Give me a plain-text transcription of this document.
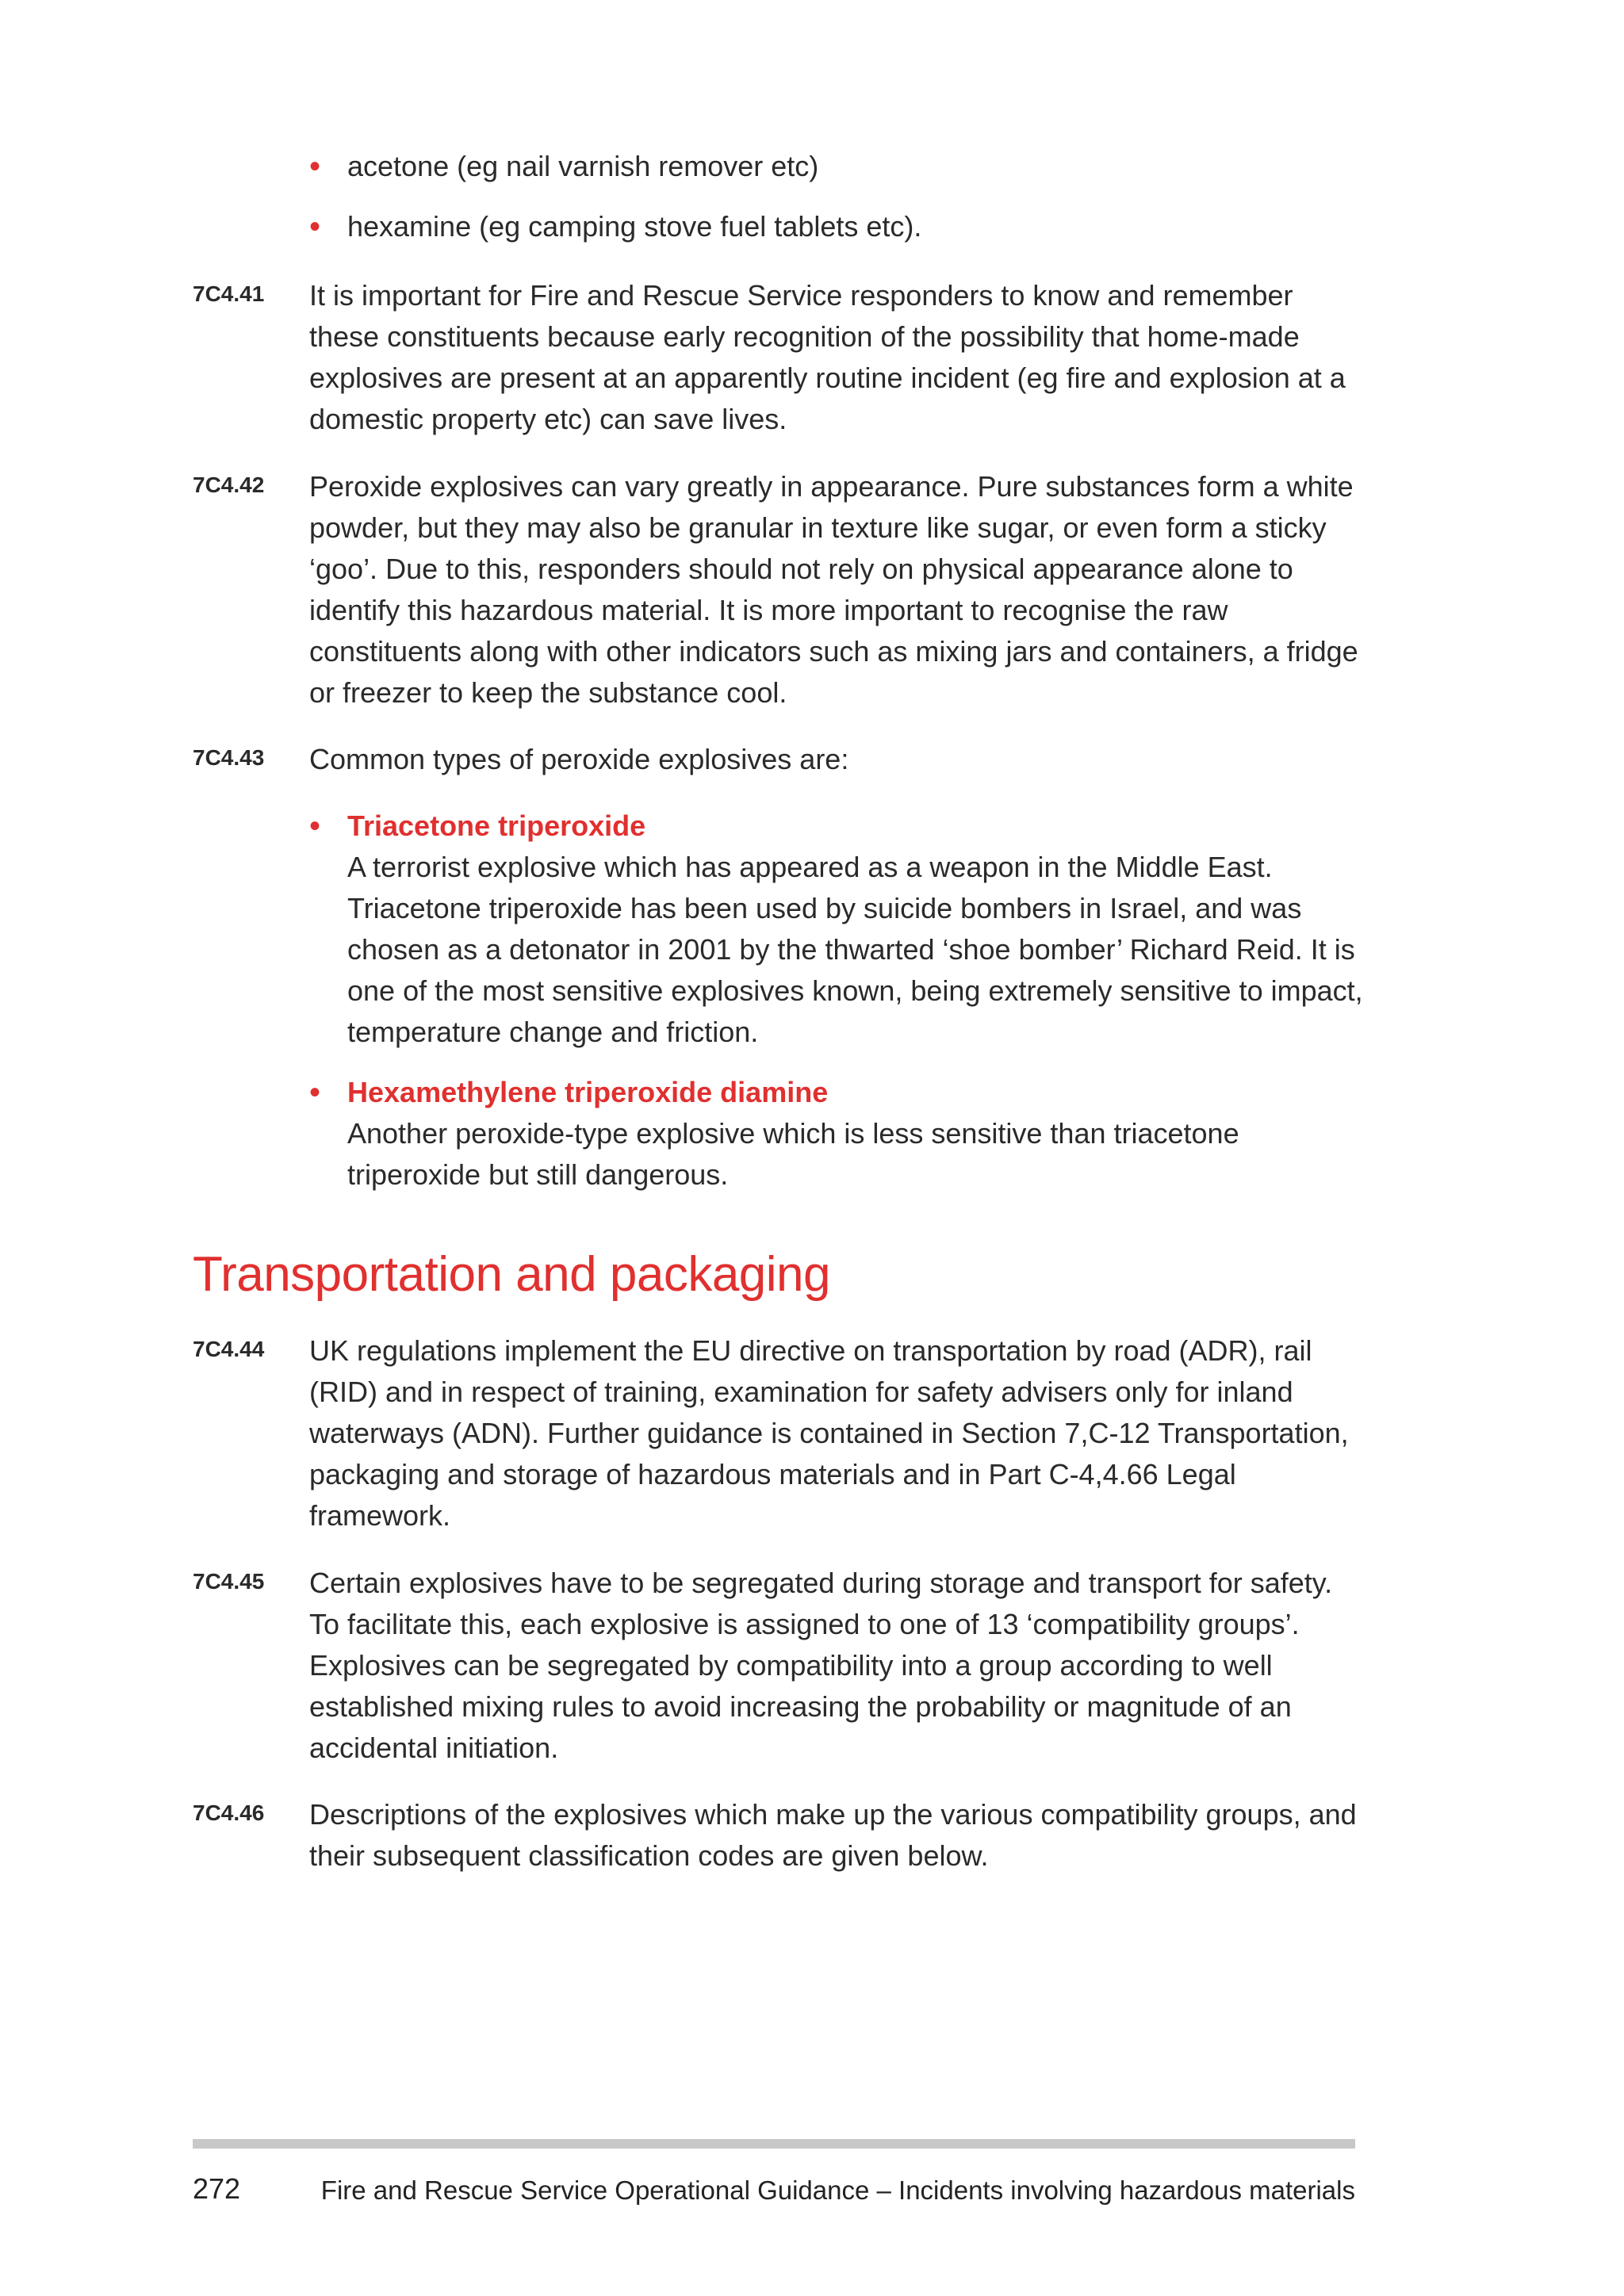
• acetone (eg nail varnish remover etc)
• hexamine (eg camping stove fuel tablets etc).
7C4.41 It is important for Fire and Rescue Service responders to know and remember these constituents because early recognition of the possibility that home-made explosives are present at an apparently routine incident (eg fire and explosion at a domestic property etc) can save lives.
7C4.42 Peroxide explosives can vary greatly in appearance. Pure substances form a white powder, but they may also be granular in texture like sugar, or even form a sticky ‘goo’. Due to this, responders should not rely on physical appearance alone to identify this hazardous material. It is more important to recognise the raw constituents along with other indicators such as mixing jars and containers, a fridge or freezer to keep the substance cool.
7C4.43 Common types of peroxide explosives are:
• Triacetone triperoxide
A terrorist explosive which has appeared as a weapon in the Middle East. Triacetone triperoxide has been used by suicide bombers in Israel, and was chosen as a detonator in 2001 by the thwarted ‘shoe bomber’ Richard Reid. It is one of the most sensitive explosives known, being extremely sensitive to impact, temperature change and friction.
• Hexamethylene triperoxide diamine
Another peroxide-type explosive which is less sensitive than triacetone triperoxide but still dangerous.
Transportation and packaging
7C4.44 UK regulations implement the EU directive on transportation by road (ADR), rail (RID) and in respect of training, examination for safety advisers only for inland waterways (ADN). Further guidance is contained in Section 7,C-12 Transportation, packaging and storage of hazardous materials and in Part C-4,4.66 Legal framework.
7C4.45 Certain explosives have to be segregated during storage and transport for safety. To facilitate this, each explosive is assigned to one of 13 ‘compatibility groups’. Explosives can be segregated by compatibility into a group according to well established mixing rules to avoid increasing the probability or magnitude of an accidental initiation.
7C4.46 Descriptions of the explosives which make up the various compatibility groups, and their subsequent classification codes are given below.
272	Fire and Rescue Service Operational Guidance – Incidents involving hazardous materials
